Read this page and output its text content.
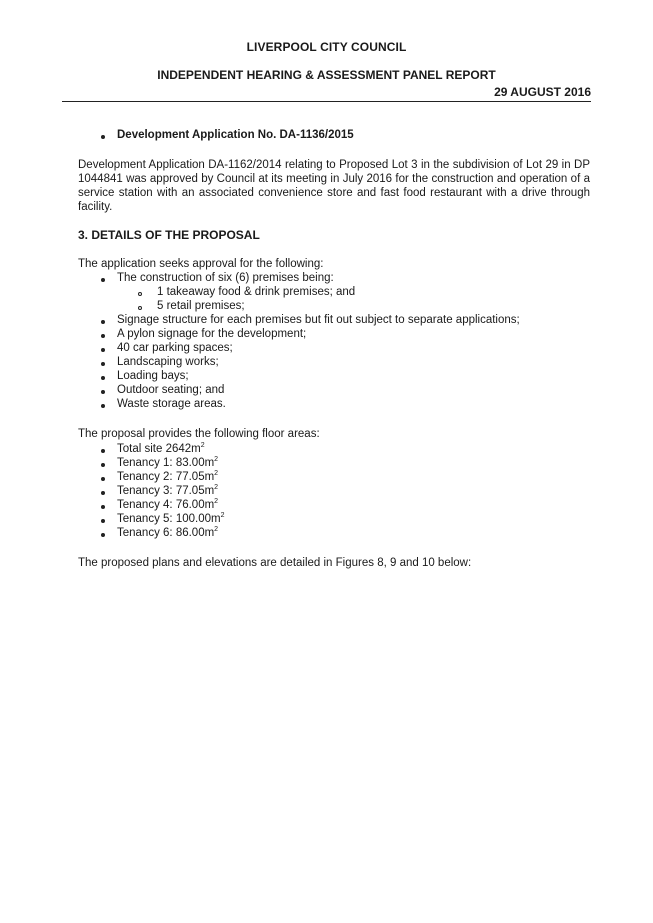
LIVERPOOL CITY COUNCIL
INDEPENDENT HEARING & ASSESSMENT PANEL REPORT
29 AUGUST 2016
Development Application No. DA-1136/2015

Development Application DA-1162/2014 relating to Proposed Lot 3 in the subdivision of Lot 29 in DP 1044841 was approved by Council at its meeting in July 2016 for the construction and operation of a service station with an associated convenience store and fast food restaurant with a drive through facility.

3. DETAILS OF THE PROPOSAL
The application seeks approval for the following:
The construction of six (6) premises being:
1 takeaway food & drink premises; and
5 retail premises;
Signage structure for each premises but fit out subject to separate applications;
A pylon signage for the development;
40 car parking spaces;
Landscaping works;
Loading bays;
Outdoor seating; and
Waste storage areas.
The proposal provides the following floor areas:
Total site $2642m^2$
Tenancy 1: $83.00m^2$
Tenancy 2: $77.05m^2$
Tenancy 3: $77.05m^2$
Tenancy 4: $76.00m^2$
Tenancy 5: $100.00m^2$
Tenancy 6: $86.00m^2$
The proposed plans and elevations are detailed in Figures 8, 9 and 10 below:
